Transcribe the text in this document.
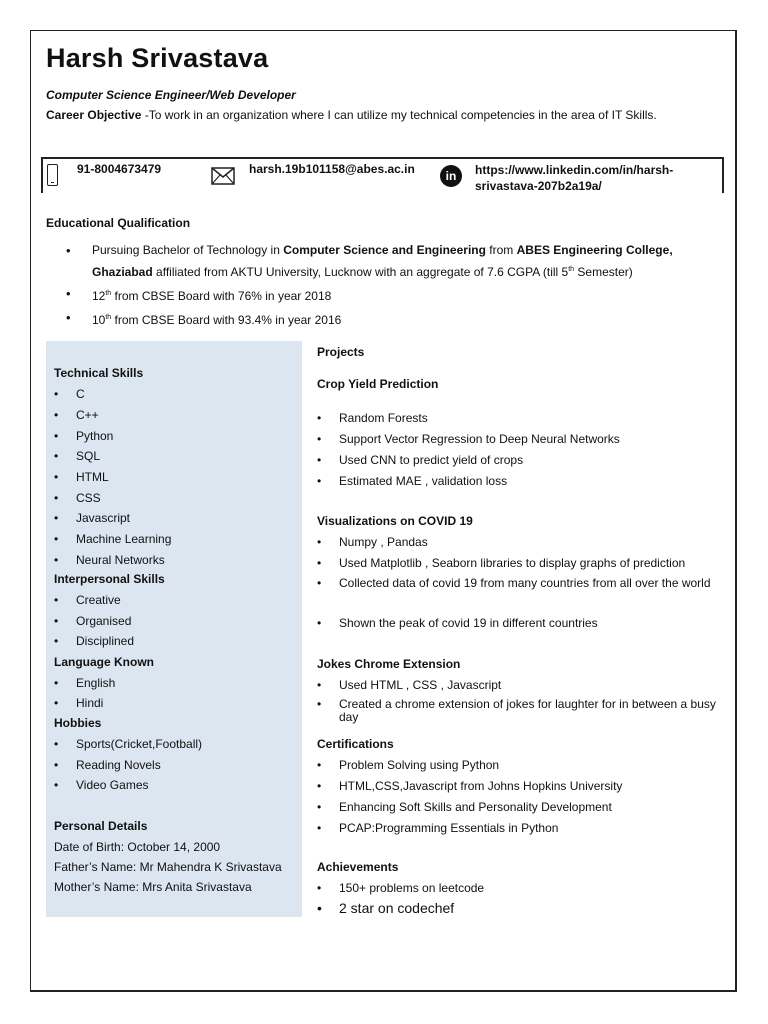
Harsh Srivastava
Computer Science Engineer/Web Developer
Career Objective -To work in an organization where I can utilize my technical competencies in the area of IT Skills.
91-8004673479	harsh.19b101158@abes.ac.in	in	https://www.linkedin.com/in/harsh-
srivastava-207b2a19a/
Educational Qualification
• Pursuing Bachelor of Technology in Computer Science and Engineering from ABES Engineering College,
Ghaziabad affiliated from AKTU University, Lucknow with an aggregate of 7.6 CGPA (till 5th Semester)
• 12th from CBSE Board with 76% in year 2018
• 10th from CBSE Board with 93.4% in year 2016
Technical Skills
• C
• C++
• Python
• SQL
• HTML
• CSS
• Javascript
• Machine Learning
• Neural Networks
Interpersonal Skills
• Creative
• Organised
• Disciplined
Language Known
• English
• Hindi
Hobbies
• Sports(Cricket,Football)
• Reading Novels
• Video Games
Personal Details
Date of Birth: October 14, 2000
Father’s Name: Mr Mahendra K Srivastava
Mother’s Name: Mrs Anita Srivastava
Projects
Crop Yield Prediction
• Random Forests
• Support Vector Regression to Deep Neural Networks
• Used CNN to predict yield of crops
• Estimated MAE , validation loss
Visualizations on COVID 19
• Numpy , Pandas
• Used Matplotlib , Seaborn libraries to display graphs of prediction
• Collected data of covid 19 from many countries from all over the world
• Shown the peak of covid 19 in different countries
Jokes Chrome Extension
• Used HTML , CSS , Javascript
• Created a chrome extension of jokes for laughter for in between a busy day
Certifications
• Problem Solving using Python
• HTML,CSS,Javascript from Johns Hopkins University
• Enhancing Soft Skills and Personality Development
• PCAP:Programming Essentials in Python
Achievements
• 150+ problems on leetcode
• 2 star on codechef
